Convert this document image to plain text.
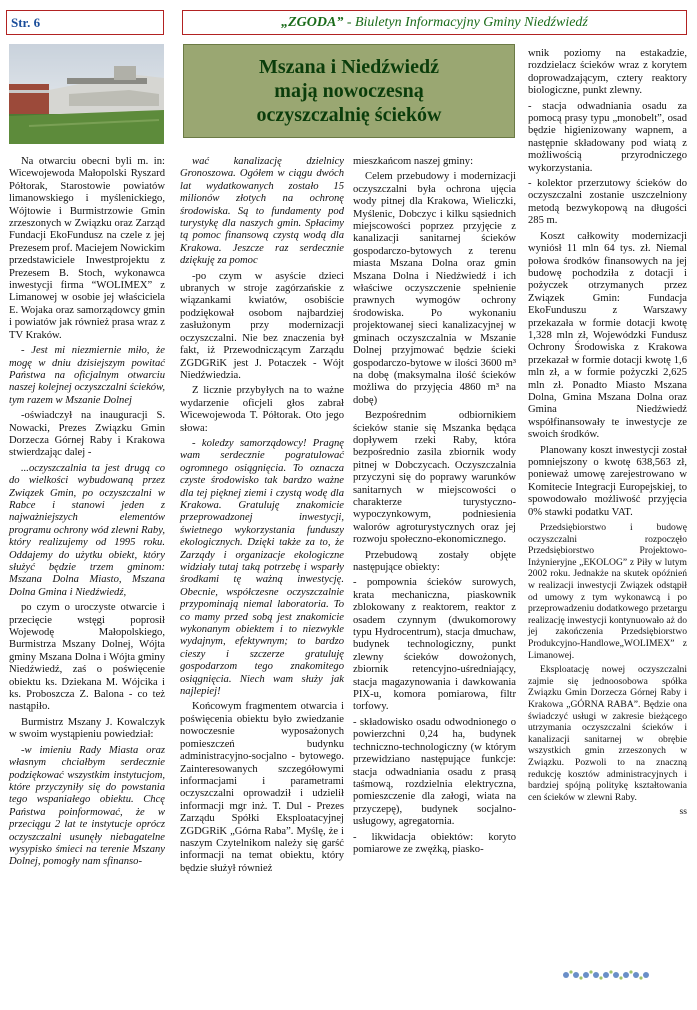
Str. 6	„ZGODA” - Biuletyn Informacyjny Gminy Niedźwiedź
Mszana i Niedźwiedź
mają nowoczesną
oczyszczalnię ścieków

Na otwarciu obecni byli m. in: Wicewojewoda Małopolski Ryszard Półtorak, Starostowie powiatów limanowskiego i myślenickiego, Wójtowie i Burmistrzowie Gmin zrzeszonych w Związku oraz Zarząd Fundacji EkoFundusz na czele z jej Prezesem prof. Maciejem Nowickim przedstawiciele Inwestprojektu z Prezesem B. Stoch, wykonawca inwestycji firma “WOLIMEX” z Limanowej w osobie jej właściciela E. Wojaka oraz samorządowcy gmin i powiatów jak również prasa wraz z TV Kraków.

- Jest mi niezmiernie miło, że mogę w dniu dzisiejszym powitać Państwa na oficjalnym otwarciu naszej kolejnej oczyszczalni ścieków, tym razem w Mszanie Dolnej

-oświadczył na inauguracji S. Nowacki, Prezes Związku Gmin Dorzecza Górnej Raby i Krakowa stwierdzając dalej -

...oczyszczalnia ta jest drugą co do wielkości wybudowaną przez Związek Gmin, po oczyszczalni w Rabce i stanowi jeden z najważniejszych elementów programu ochrony wód zlewni Raby, który realizujemy od 1995 roku. Oddajemy do użytku obiekt, który służyć będzie trzem gminom: Mszana Dolna Miasto, Mszana Dolna Gmina i Niedźwiedź,

po czym o uroczyste otwarcie i przecięcie wstęgi poprosił Wojewodę Małopolskiego, Burmistrza Mszany Dolnej, Wójta gminy Mszana Dolna i Wójta gminy Niedźwiedź, zaś o poświęcenie obiektu ks. Dziekana M. Wójcika i ks. Proboszcza Z. Balona - co też nastąpiło.

Burmistrz Mszany J. Kowalczyk w swoim wystąpieniu powiedział:

-w imieniu Rady Miasta oraz własnym chciałbym serdecznie podziękować wszystkim instytucjom, które przyczyniły się do powstania tego wspaniałego obiektu. Chcę Państwa poinformować, że w przeciągu 2 lat te instytucje oprócz oczyszczalni usunęły niebagatelne wysypisko śmieci na terenie Mszany Dolnej, pomogły nam sfinanso-

wać kanalizację dzielnicy Gronoszowa. Ogółem w ciągu dwóch lat wydatkowanych zostało 15 milionów złotych na ochronę środowiska. Są to fundamenty pod turystykę dla naszych gmin. Spłacimy tą pomoc finansową czystą wodą dla Krakowa. Jeszcze raz serdecznie dziękuję za pomoc

-po czym w asyście dzieci ubranych w stroje zagórzańskie z wiązankami kwiatów, osobiście podziękował osobom najbardziej zasłużonym przy modernizacji oczyszczalni. Nie bez znaczenia był fakt, iż Przewodniczącym Zarządu ZGDGRiK jest J. Potaczek - Wójt Niedźwiedzia.

Z licznie przybyłych na to ważne wydarzenie oficjeli głos zabrał Wicewojewoda T. Półtorak. Oto jego słowa:

- koledzy samorządowcy! Pragnę wam serdecznie pogratulować ogromnego osiągnięcia. To oznacza czyste środowisko tak bardzo ważne dla tej pięknej ziemi i czystą wodę dla Krakowa. Gratuluję znakomicie przeprowadzonej inwestycji, świetnego wykorzystania funduszy ekologicznych. Dzięki także za to, że Zarządy i organizacje ekologiczne widziały tutaj taką potrzebę i wsparły środkami tę ważną inwestycję. Obecnie, współczesne oczyszczalnie przypominają niemal laboratoria. To co mamy przed sobą jest znakomicie wykonanym obiektem i to niezwykle wydajnym, efektywnym; to bardzo cieszy i szczerze gratuluję gospodarzom tego znakomitego osiągnięcia. Niech wam służy jak najlepiej!

Końcowym fragmentem otwarcia i poświęcenia obiektu było zwiedzanie nowoczesnie wyposażonych pomieszczeń budynku administracyjno-socjalno - bytowego. Zainteresowanych szczegółowymi informacjami i parametrami oczyszczalni oprowadził i udzielił informacji mgr inż. T. Dul - Prezes Zarządu Spółki Eksploatacyjnej ZGDGRiK „Górna Raba”. Myślę, że i naszym Czytelnikom należy się garść informacji na temat obiektu, który będzie służył również

mieszkańcom naszej gminy:

Celem przebudowy i modernizacji oczyszczalni była ochrona ujęcia wody pitnej dla Krakowa, Wieliczki, Myślenic, Dobczyc i kilku sąsiednich miejscowości poprzez przyjęcie z kanalizacji sanitarnej ścieków gospodarczo-bytowych z terenu miasta Mszana Dolna oraz gmin Mszana Dolna i Niedźwiedź i ich właściwe oczyszczenie spełnienie prawnych wymogów ochrony środowiska. Po wykonaniu projektowanej sieci kanalizacyjnej w gminach oczyszczalnia w Mszanie Dolnej przyjmować będzie ścieki gospodarczo-bytowe w ilości 3600 m³ na dobę (maksymalna ilość ścieków możliwa do przyjęcia 4860 m³ na dobę)

Bezpośrednim odbiornikiem ścieków stanie się Mszanka będąca dopływem rzeki Raby, która bezpośrednio zasila zbiornik wody pitnej w Dobczycach. Oczyszczalnia przyczyni się do poprawy warunków sanitarnych w miejscowości o charakterze turystyczno-wypoczynkowym, podniesienia walorów agroturystycznych oraz jej rozwoju społeczno-ekonomicznego.

Przebudową zostały objęte następujące obiekty:

- pompownia ścieków surowych, krata mechaniczna, piaskownik zblokowany z reaktorem, reaktor z osadem czynnym (dwukomorowy typu Hydrocentrum), stacja dmuchaw, budynek technologiczny, punkt zlewny ścieków dowożonych, zbiornik retencyjno-uśredniający, stacja magazynowania i dawkowania PIX-u, komora pomiarowa, filtr torfowy.

- składowisko osadu odwodnionego o powierzchni 0,24 ha, budynek techniczno-technologiczny (w którym przewidziano następujące funkcje: stacja odwadniania osadu z prasą taśmową, rozdzielnia elektryczna, pomieszczenie dla załogi, wiata na przyczepę), budynek socjalno-usługowy, agregatornia.

- likwidacja obiektów: koryto pomiarowe ze zwężką, piasko-

wnik poziomy na estakadzie, rozdzielacz ścieków wraz z korytem doprowadzającym, cztery reaktory biologiczne, punkt zlewny.

- stacja odwadniania osadu za pomocą prasy typu „monobelt”, osad będzie higienizowany wapnem, a następnie składowany pod wiatą z możliwością przyrodniczego wykorzystania.

- kolektor przerzutowy ścieków do oczyszczalni zostanie uszczelniony metodą bezwykopową na długości 285 m.

Koszt całkowity modernizacji wyniósł 11 mln 64 tys. zł. Niemal połowa środków finansowych na jej budowę pochodziła z dotacji i pożyczek otrzymanych przez Związek Gmin: Fundacja EkoFunduszu z Warszawy przekazała w formie dotacji kwotę 1,328 mln zł, Wojewódzki Fundusz Ochrony Środowiska z Krakowa przekazał w formie dotacji kwotę 1,6 mln zł, a w formie pożyczki 2,625 mln zł. Ponadto Miasto Mszana Dolna, Gmina Mszana Dolna oraz Gmina Niedźwiedź współfinansowały te inwestycje ze swoich środków.

Planowany koszt inwestycji został pomniejszony o kwotę 638,563 zł, ponieważ umowę zarejestrowano w Komitecie Integracji Europejskiej, to spowodowało możliwość przyjęcia 0% stawki podatku VAT.

Przedsiębiorstwo i budowę oczyszczalni rozpoczęło Przedsiębiorstwo Projektowo-Inżynieryjne „EKOLOG” z Piły w lutym 2002 roku. Jednakże na skutek opóźnień w realizacji inwestycji Związek odstąpił od umowy z tym wykonawcą i po przeprowadzeniu dodatkowego przetargu realizację inwestycji kontynuowało aż do jej zakończenia Przedsiębiorstwo Produkcyjno-Handlowe„WOLIMEX” z Limanowej.

Eksploatację nowej oczyszczalni zajmie się jednoosobowa spółka Związku Gmin Dorzecza Górnej Raby i Krakowa „GÓRNA RABA”. Będzie ona świadczyć usługi w zakresie bieżącego utrzymania oczyszczalni ścieków i kanalizacji sanitarnej w obrębie wszystkich gmin zrzeszonych w Związku. Pozwoli to na znaczną redukcję kosztów administracyjnych i bardziej spójną politykę kształtowania cen ścieków w zlewni Raby.

ss
